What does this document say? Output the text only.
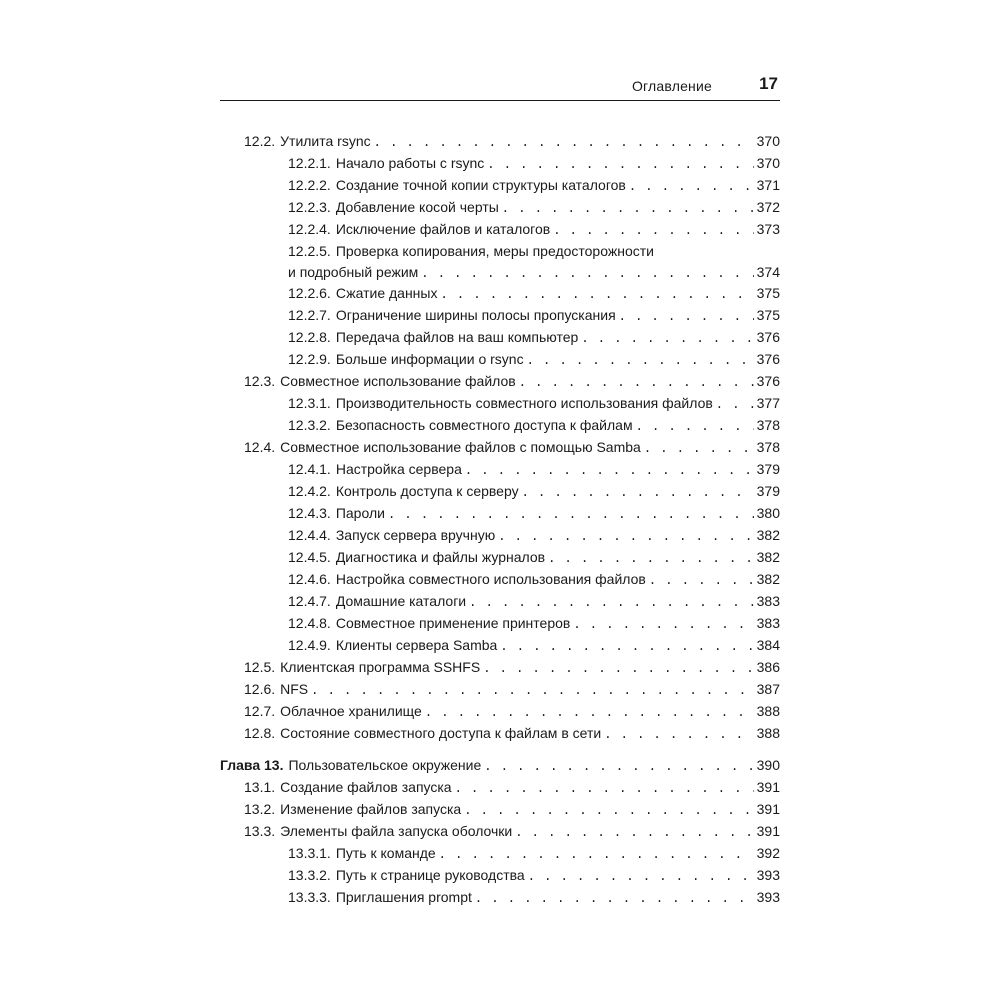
Оглавление	17
12.2. Утилита rsync . . .	370
12.2.1. Начало работы с rsync . . .	370
12.2.2. Создание точной копии структуры каталогов . . .	371
12.2.3. Добавление косой черты . . .	372
12.2.4. Исключение файлов и каталогов . . .	373
12.2.5. Проверка копирования, меры предосторожности
и подробный режим . . .	374
12.2.6. Сжатие данных . . .	375
12.2.7. Ограничение ширины полосы пропускания . . .	375
12.2.8. Передача файлов на ваш компьютер . . .	376
12.2.9. Больше информации о rsync . . .	376
12.3. Совместное использование файлов . . .	376
12.3.1. Производительность совместного использования файлов . . .	377
12.3.2. Безопасность совместного доступа к файлам . . .	378
12.4. Совместное использование файлов с помощью Samba . . .	378
12.4.1. Настройка сервера . . .	379
12.4.2. Контроль доступа к серверу . . .	379
12.4.3. Пароли . . .	380
12.4.4. Запуск сервера вручную . . .	382
12.4.5. Диагностика и файлы журналов . . .	382
12.4.6. Настройка совместного использования файлов . . .	382
12.4.7. Домашние каталоги . . .	383
12.4.8. Совместное применение принтеров . . .	383
12.4.9. Клиенты сервера Samba . . .	384
12.5. Клиентская программа SSHFS . . .	386
12.6. NFS . . .	387
12.7. Облачное хранилище . . .	388
12.8. Состояние совместного доступа к файлам в сети . . .	388
Глава 13. Пользовательское окружение . . .	390
13.1. Создание файлов запуска . . .	391
13.2. Изменение файлов запуска . . .	391
13.3. Элементы файла запуска оболочки . . .	391
13.3.1. Путь к команде . . .	392
13.3.2. Путь к странице руководства . . .	393
13.3.3. Приглашения prompt . . .	393
